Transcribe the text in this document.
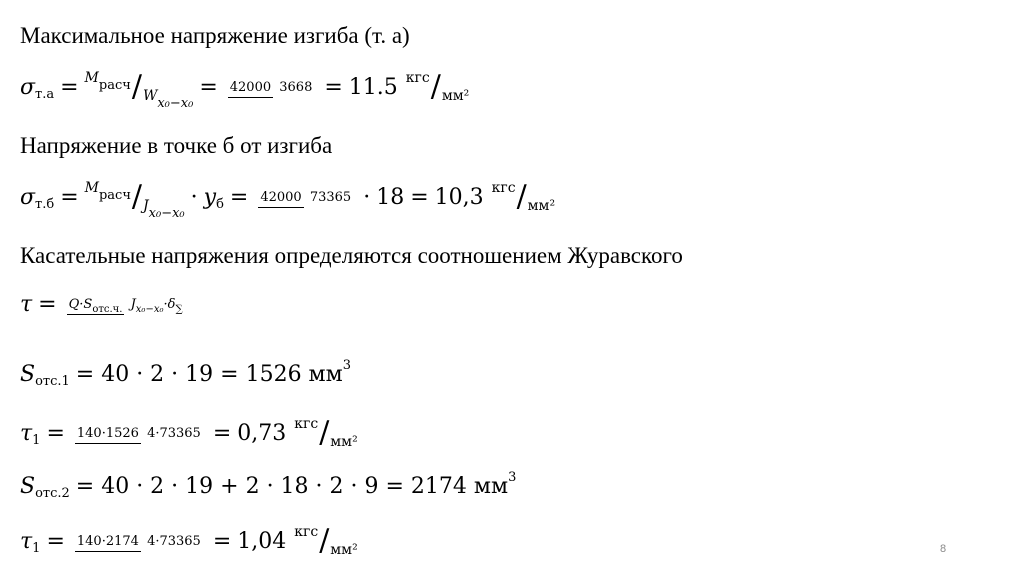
Максимальное напряжение изгиба (т. а)
σ т.а = Mрасч / Wx₀−x₀
= 42000 3668 = 11.5 кгс / мм²
Напряжение в точке б от изгиба
σ т.б = Mрасч / Jx₀−x₀
· y б = 42000 73365 · 18 = 10,3 кгс / мм²
Касательные напряжения определяются соотношением Журавского
τ = Q·Sотс.ч. Jx₀−x₀·δ∑
S отс.1 = 40 · 2 · 19 = 1526 мм 3
τ 1 = 140·1526 4·73365 = 0,73 кгс / мм²
S отс.2 = 40 · 2 · 19 + 2 · 18 · 2 · 9 = 2174 мм 3
τ 1 = 140·2174 4·73365 = 1,04 кгс / мм²	8
